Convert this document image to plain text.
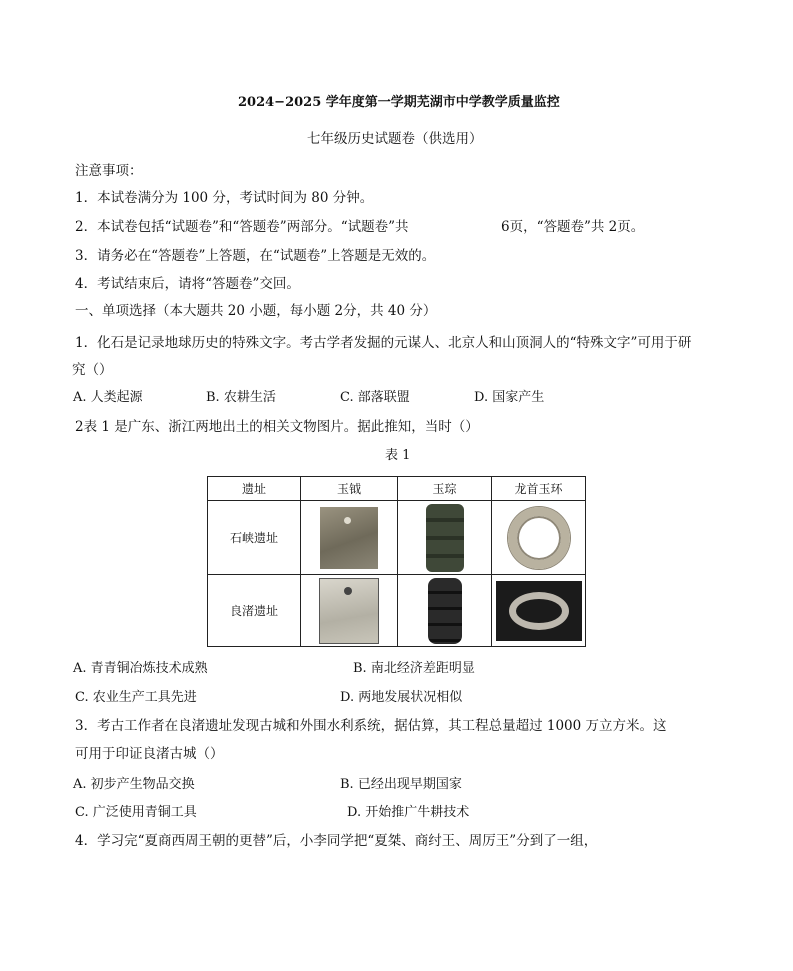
2024−2025 学年度第一学期芜湖市中学教学质量监控
七年级历史试题卷（供选用）
注意事项：
1．本试卷满分为 100 分，考试时间为 80 分钟。
2．本试卷包括“试题卷”和“答题卷”两部分。“试题卷”共	6页，“答题卷”共 2页。
3．请务必在“答题卷”上答题，在“试题卷”上答题是无效的。
4．考试结束后，请将“答题卷”交回。
一、单项选择（本大题共 20 小题，每小题 2分，共 40 分）
1．化石是记录地球历史的特殊文字。考古学者发掘的元谋人、北京人和山顶洞人的“特殊文字”可用于研
究（）
A. 人类起源	B. 农耕生活	C. 部落联盟	D. 国家产生
2表 1 是广东、浙江两地出土的相关文物图片。据此推知，当时（）
表 1
遗址	玉钺	玉琮	龙首玉环
石峡遗址	

良渚遗址	

A. 青青铜冶炼技术成熟	B. 南北经济差距明显
C. 农业生产工具先进	D. 两地发展状况相似
3．考古工作者在良渚遗址发现古城和外围水利系统，据估算，其工程总量超过 1000 万立方米。这
可用于印证良渚古城（）
A. 初步产生物品交换	B. 已经出现早期国家
C. 广泛使用青铜工具	D. 开始推广牛耕技术
4．学习完“夏商西周王朝的更替”后，小李同学把“夏桀、商纣王、周厉王”分到了一组，
